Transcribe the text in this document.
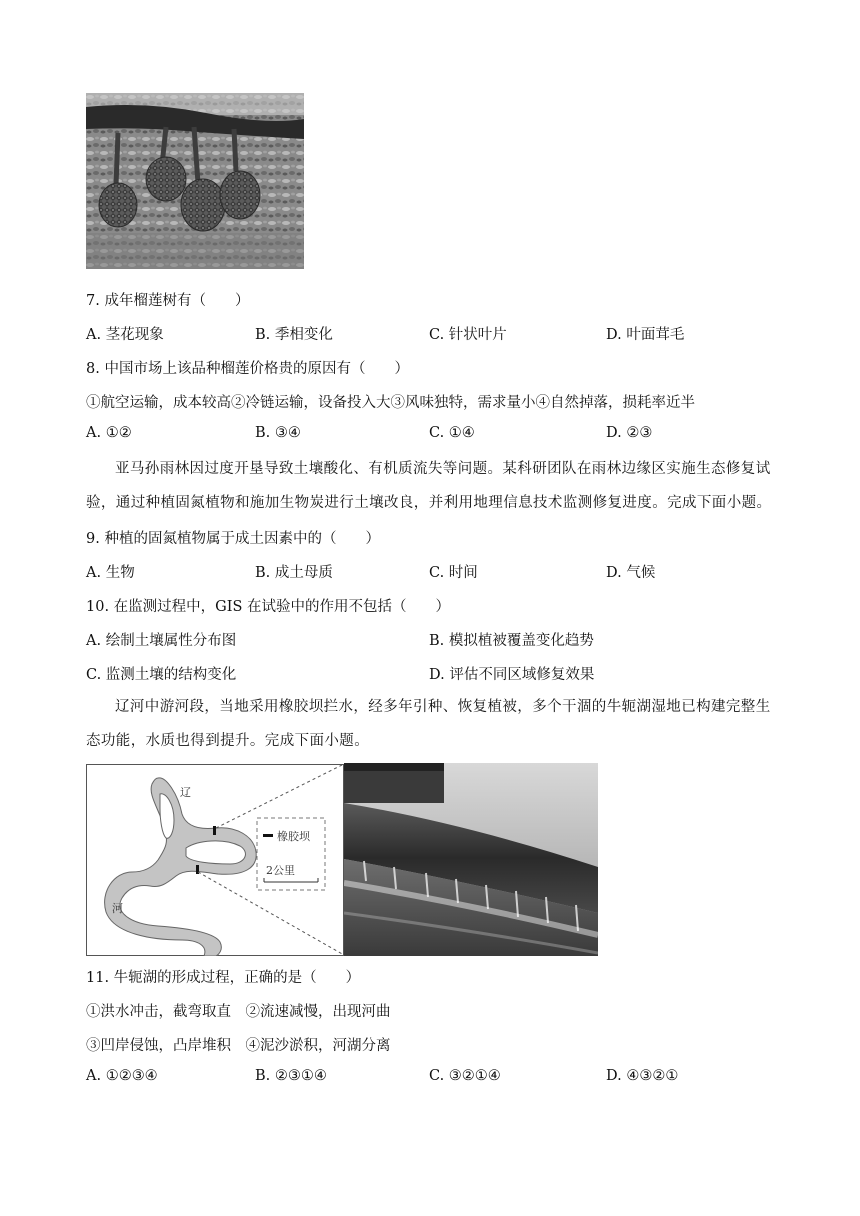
7. 成年榴莲树有（　　）
A. 茎花现象	B. 季相变化	C. 针状叶片	D. 叶面茸毛
8. 中国市场上该品种榴莲价格贵的原因有（　　）
①航空运输，成本较高②冷链运输，设备投入大③风味独特，需求量小④自然掉落，损耗率近半
A. ①②	B. ③④	C. ①④	D. ②③
亚马孙雨林因过度开垦导致土壤酸化、有机质流失等问题。某科研团队在雨林边缘区实施生态修复试验，通过种植固氮植物和施加生物炭进行土壤改良，并利用地理信息技术监测修复进度。完成下面小题。
9. 种植的固氮植物属于成土因素中的（　　）
A. 生物	B. 成土母质	C. 时间	D. 气候
10. 在监测过程中，GIS 在试验中的作用不包括（　　）
A. 绘制土壤属性分布图	B. 模拟植被覆盖变化趋势
C. 监测土壤的结构变化	D. 评估不同区域修复效果
辽河中游河段，当地采用橡胶坝拦水，经多年引种、恢复植被，多个干涸的牛轭湖湿地已构建完整生态功能，水质也得到提升。完成下面小题。
辽
河
橡胶坝
2公里
11. 牛轭湖的形成过程，正确的是（　　）
①洪水冲击，截弯取直　②流速减慢，出现河曲
③凹岸侵蚀，凸岸堆积　④泥沙淤积，河湖分离
A. ①②③④	B. ②③①④	C. ③②①④	D. ④③②①
